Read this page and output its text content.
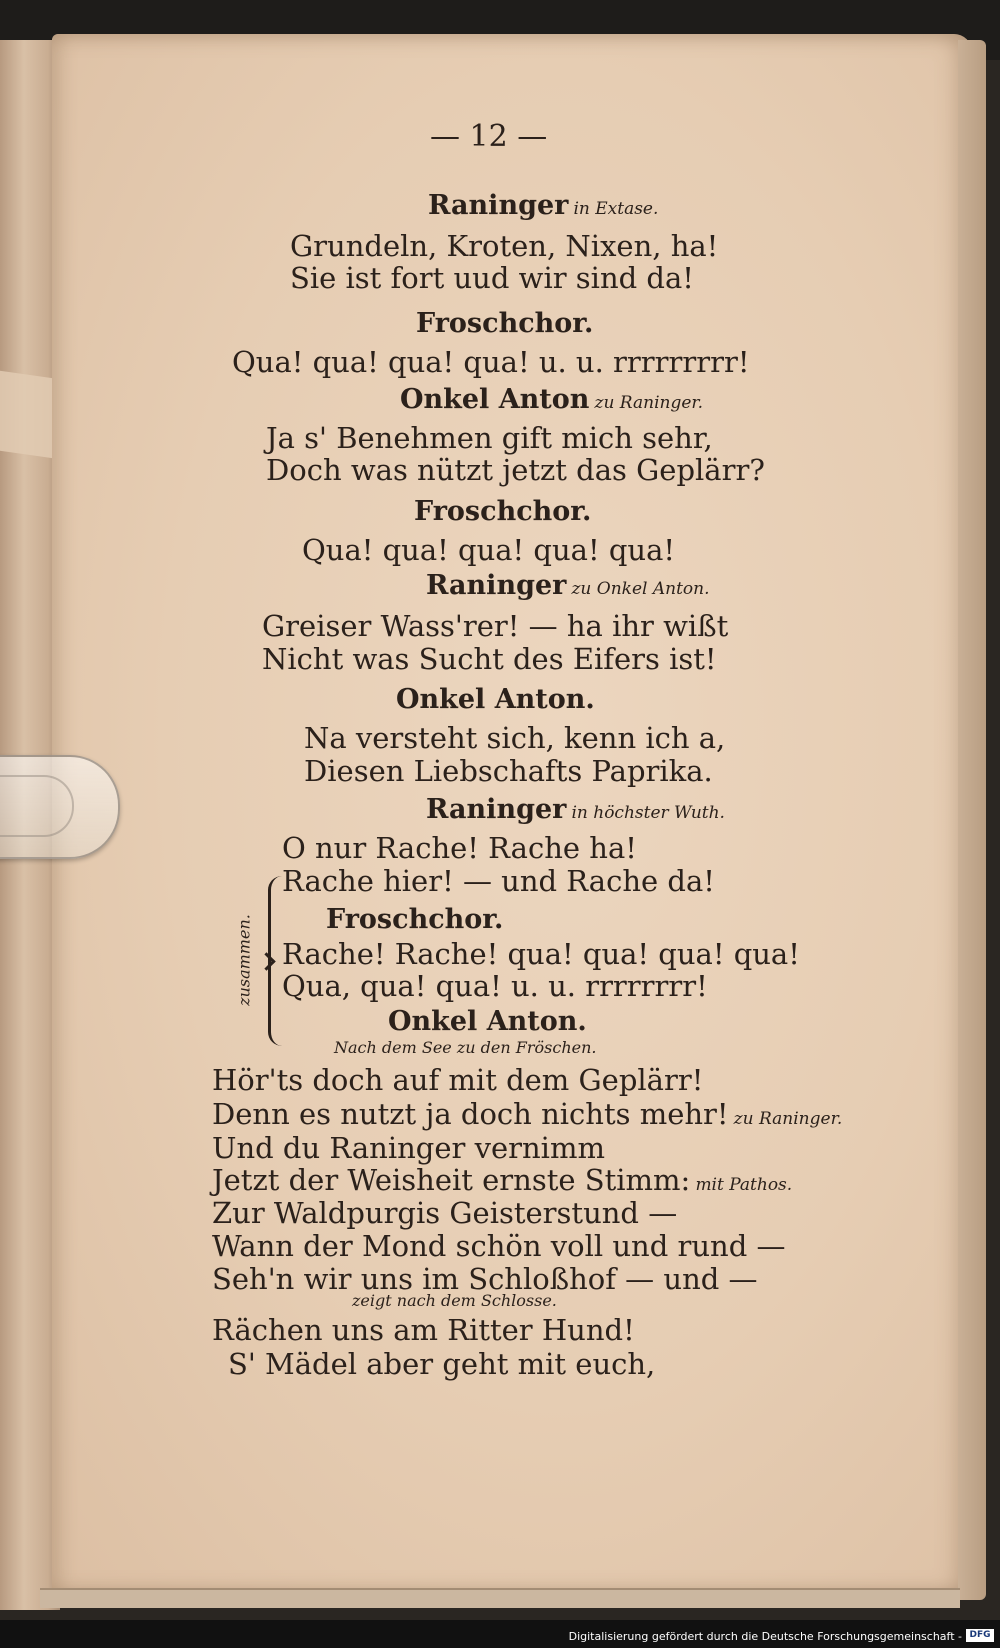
— 12 —
Raninger in Extase.
Grundeln, Kroten, Nixen, ha!
Sie ist fort uud wir sind da!
Froschchor.
Qua! qua! qua! qua! u. u. rrrrrrrrr!
Onkel Anton zu Raninger.
Ja s' Benehmen gift mich sehr,
Doch was nützt jetzt das Geplärr?
Froschchor.
Qua! qua! qua! qua! qua!
Raninger zu Onkel Anton.
Greiser Wass'rer! — ha ihr wißt
Nicht was Sucht des Eifers ist!
Onkel Anton.
Na versteht sich, kenn ich a,
Diesen Liebschafts Paprika.
Raninger in höchster Wuth.
zusammen.
O nur Rache! Rache ha!
Rache hier! — und Rache da!
Froschchor.
Rache! Rache! qua! qua! qua! qua!
Qua, qua! qua! u. u. rrrrrrrr!
Onkel Anton.
Nach dem See zu den Fröschen.
Hör'ts doch auf mit dem Geplärr!
Denn es nutzt ja doch nichts mehr! zu Raninger.
Und du Raninger vernimm
Jetzt der Weisheit ernste Stimm: mit Pathos.
Zur Waldpurgis Geisterstund —
Wann der Mond schön voll und rund —
Seh'n wir uns im Schloßhof — und —
zeigt nach dem Schlosse.
Rächen uns am Ritter Hund!
S' Mädel aber geht mit euch,
Digitalisierung gefördert durch die Deutsche Forschungsgemeinschaft - DFG
